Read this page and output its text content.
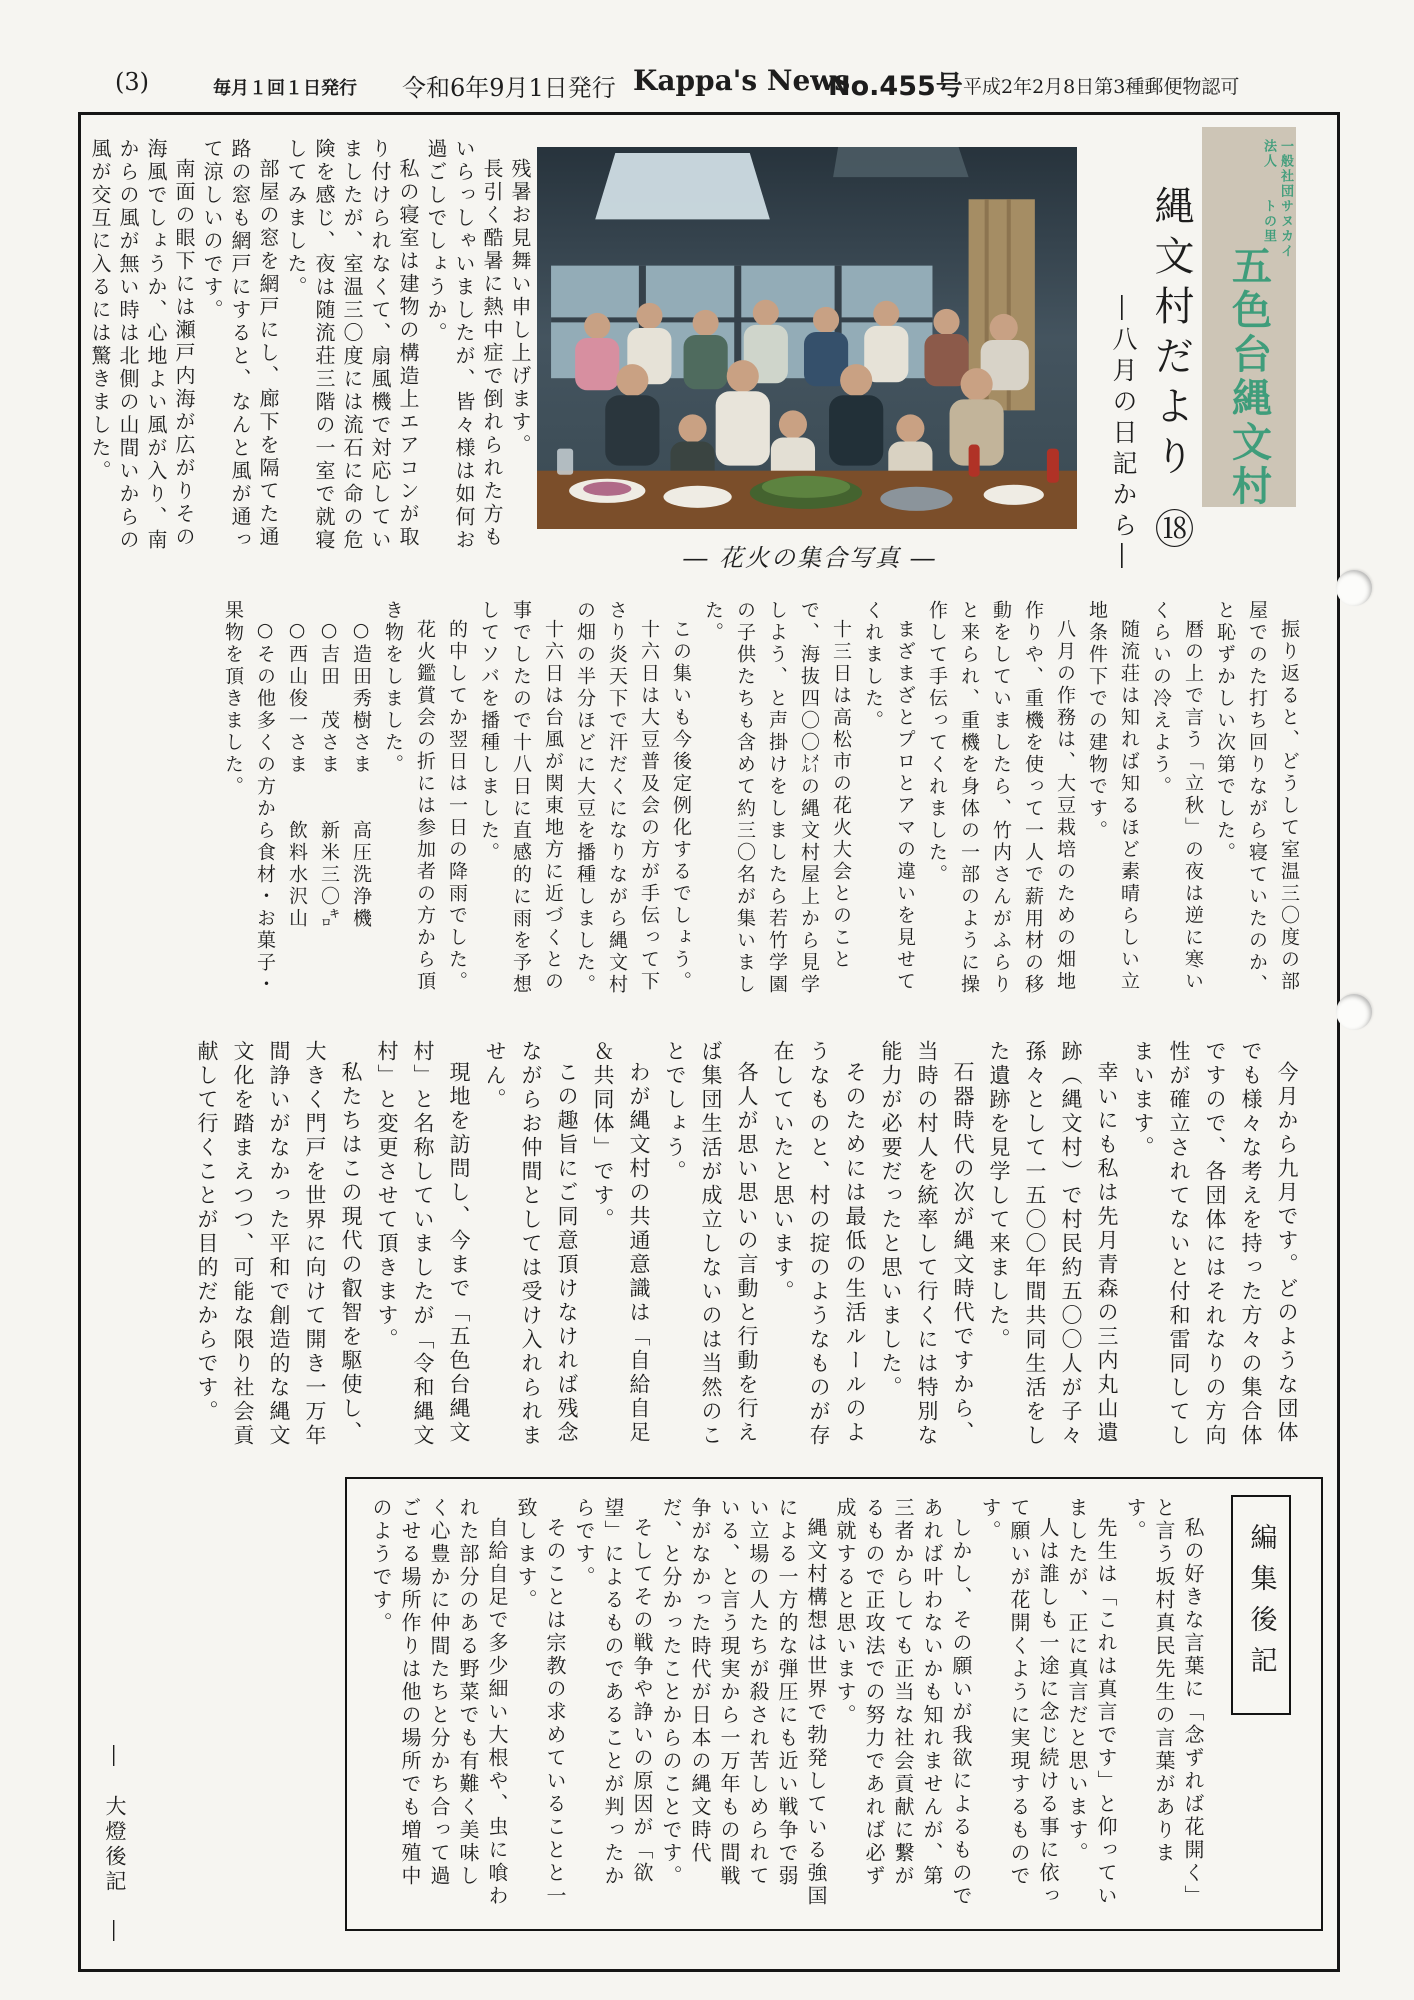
(3)	毎月１回１日発行 令和6年9月1日発行 Kappa's News
No.455号 平成2年2月8日第3種郵便物認可
一般社団法人
サヌカイトの里
五色台縄文村
縄文村だより ⑱
―八月の日記から―
― 花火の集合写真 ―

残暑お見舞い申し上げます。

長引く酷暑に熱中症で倒れられた方もいらっしゃいましたが、皆々様は如何お過ごしでしょうか。

私の寝室は建物の構造上エアコンが取り付けられなくて、扇風機で対応していましたが、室温三〇度には流石に命の危険を感じ、夜は随流荘三階の一室で就寝してみました。

部屋の窓を網戸にし、廊下を隔てた通路の窓も網戸にすると、なんと風が通って涼しいのです。

南面の眼下には瀬戸内海が広がりその海風でしょうか、心地よい風が入り、南からの風が無い時は北側の山間いからの風が交互に入るには驚きました。

振り返ると、どうして室温三〇度の部屋でのた打ち回りながら寝ていたのか、と恥ずかしい次第でした。

暦の上で言う「立秋」の夜は逆に寒いくらいの冷えよう。

随流荘は知れば知るほど素晴らしい立地条件下での建物です。

八月の作務は、大豆栽培のための畑地作りや、重機を使って一人で薪用材の移動をしていましたら、竹内さんがふらりと来られ、重機を身体の一部のように操作して手伝ってくれました。

まざまざとプロとアマの違いを見せてくれました。

十三日は高松市の花火大会とのことで、海抜四〇〇㍍の縄文村屋上から見学しよう、と声掛けをしましたら若竹学園の子供たちも含めて約三〇名が集いました。

この集いも今後定例化するでしょう。

十六日は大豆普及会の方が手伝って下さり炎天下で汗だくになりながら縄文村の畑の半分ほどに大豆を播種しました。

十六日は台風が関東地方に近づくとの事でしたので十八日に直感的に雨を予想してソバを播種しました。

的中してか翌日は一日の降雨でした。

花火鑑賞会の折には参加者の方から頂き物をしました。

○造田秀樹さま　　高圧洗浄機

○吉田　茂さま　　新米三〇㌔

○西山俊一さま　　飲料水沢山

○その他多くの方から食材・お菓子・果物を頂きました。

今月から九月です。どのような団体でも様々な考えを持った方々の集合体ですので、各団体にはそれなりの方向性が確立されてないと付和雷同してしまいます。

幸いにも私は先月青森の三内丸山遺跡（縄文村）で村民約五〇〇人が子々孫々として一五〇〇年間共同生活をした遺跡を見学して来ました。

石器時代の次が縄文時代ですから、当時の村人を統率して行くには特別な能力が必要だったと思いました。

そのためには最低の生活ルールのようなものと、村の掟のようなものが存在していたと思います。

各人が思い思いの言動と行動を行えば集団生活が成立しないのは当然のことでしょう。

わが縄文村の共通意識は「自給自足＆共同体」です。

この趣旨にご同意頂けなければ残念ながらお仲間としては受け入れられません。

現地を訪問し、今まで「五色台縄文村」と名称していましたが「令和縄文村」と変更させて頂きます。

私たちはこの現代の叡智を駆使し、大きく門戸を世界に向けて開き一万年間諍いがなかった平和で創造的な縄文文化を踏まえつつ、可能な限り社会貢献して行くことが目的だからです。

―　大燈後記　―
編集後記

私の好きな言葉に「念ずれば花開く」と言う坂村真民先生の言葉があります。

先生は「これは真言です」と仰っていましたが、正に真言だと思います。

人は誰しも一途に念じ続ける事に依って願いが花開くように実現するものです。

しかし、その願いが我欲によるものであれば叶わないかも知れませんが、第三者からしても正当な社会貢献に繋がるもので正攻法での努力であれば必ず成就すると思います。

縄文村構想は世界で勃発している強国による一方的な弾圧にも近い戦争で弱い立場の人たちが殺され苦しめられている、と言う現実から一万年もの間戦争がなかった時代が日本の縄文時代だ、と分かったことからのことです。

そしてその戦争や諍いの原因が「欲望」によるものであることが判ったからです。

そのことは宗教の求めていることと一致します。

自給自足で多少細い大根や、虫に喰われた部分のある野菜でも有難く美味しく心豊かに仲間たちと分かち合って過ごせる場所作りは他の場所でも増殖中のようです。
